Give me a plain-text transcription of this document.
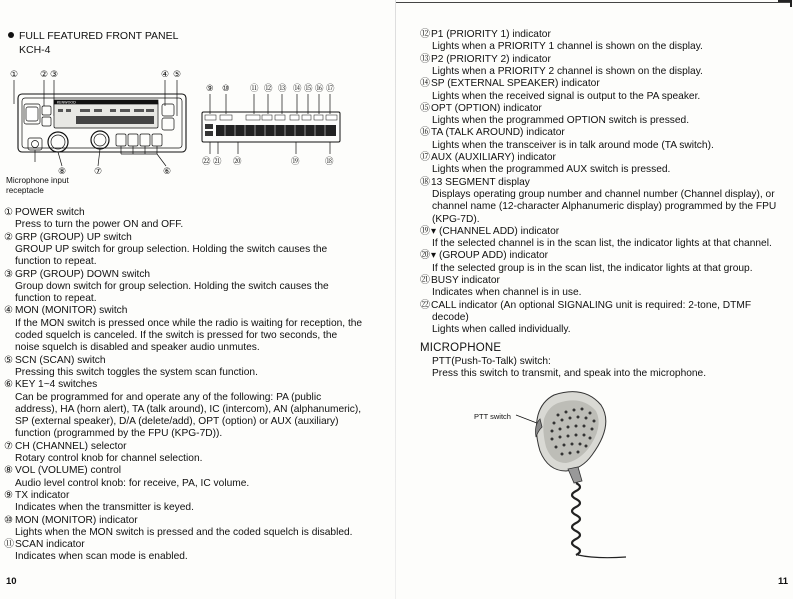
FULL FEATURED FRONT PANEL
KCH-4
① ② ③	④ ⑤
KENWOOD
⑧	⑦	⑥
⑨ ⑩ ⑪ ⑫ ⑬ ⑭ ⑮ ⑯ ⑰
㉒ ㉑ ⑳	⑲	⑱
Microphone input
receptacle
① POWER switch
Press to turn the power ON and OFF.
② GRP (GROUP) UP switch
GROUP UP switch for group selection. Holding the switch causes the
function to repeat.
③ GRP (GROUP) DOWN switch
Group down switch for group selection. Holding the switch causes the
function to repeat.
④ MON (MONITOR) switch
If the MON switch is pressed once while the radio is waiting for reception, the
coded squelch is canceled. If the switch is pressed for two seconds, the
noise squelch is disabled and speaker audio unmutes.
⑤ SCN (SCAN) switch
Pressing this switch toggles the system scan function.
⑥ KEY 1~4 switches
Can be programmed for and operate any of the following: PA (public
address), HA (horn alert), TA (talk around), IC (intercom), AN (alphanumeric),
SP (external speaker), D/A (delete/add), OPT (option) or AUX (auxiliary)
function (programmed by the FPU (KPG-7D)).
⑦ CH (CHANNEL) selector
Rotary control knob for channel selection.
⑧ VOL (VOLUME) control
Audio level control knob: for receive, PA, IC volume.
⑨ TX indicator
Indicates when the transmitter is keyed.
⑩ MON (MONITOR) indicator
Lights when the MON switch is pressed and the coded squelch is disabled.
⑪ SCAN indicator
Indicates when scan mode is enabled.
10
⑫ P1 (PRIORITY 1) indicator
Lights when a PRIORITY 1 channel is shown on the display.
⑬ P2 (PRIORITY 2) indicator
Lights when a PRIORITY 2 channel is shown on the display.
⑭ SP (EXTERNAL SPEAKER) indicator
Lights when the received signal is output to the PA speaker.
⑮ OPT (OPTION) indicator
Lights when the programmed OPTION switch is pressed.
⑯ TA (TALK AROUND) indicator
Lights when the transceiver is in talk around mode (TA switch).
⑰ AUX (AUXILIARY) indicator
Lights when the programmed AUX switch is pressed.
⑱ 13 SEGMENT display
Displays operating group number and channel number (Channel display), or
channel name (12-character Alphanumeric display) programmed by the FPU
(KPG-7D).
⑲ ▾ (CHANNEL ADD) indicator
If the selected channel is in the scan list, the indicator lights at that channel.
⑳ ▾ (GROUP ADD) indicator
If the selected group is in the scan list, the indicator lights at that group.
㉑ BUSY indicator
Indicates when channel is in use.
㉒ CALL indicator (An optional SIGNALING unit is required: 2-tone, DTMF
decode)
Lights when called individually.
MICROPHONE
PTT(Push-To-Talk) switch:
Press this switch to transmit, and speak into the microphone.
PTT switch
11
